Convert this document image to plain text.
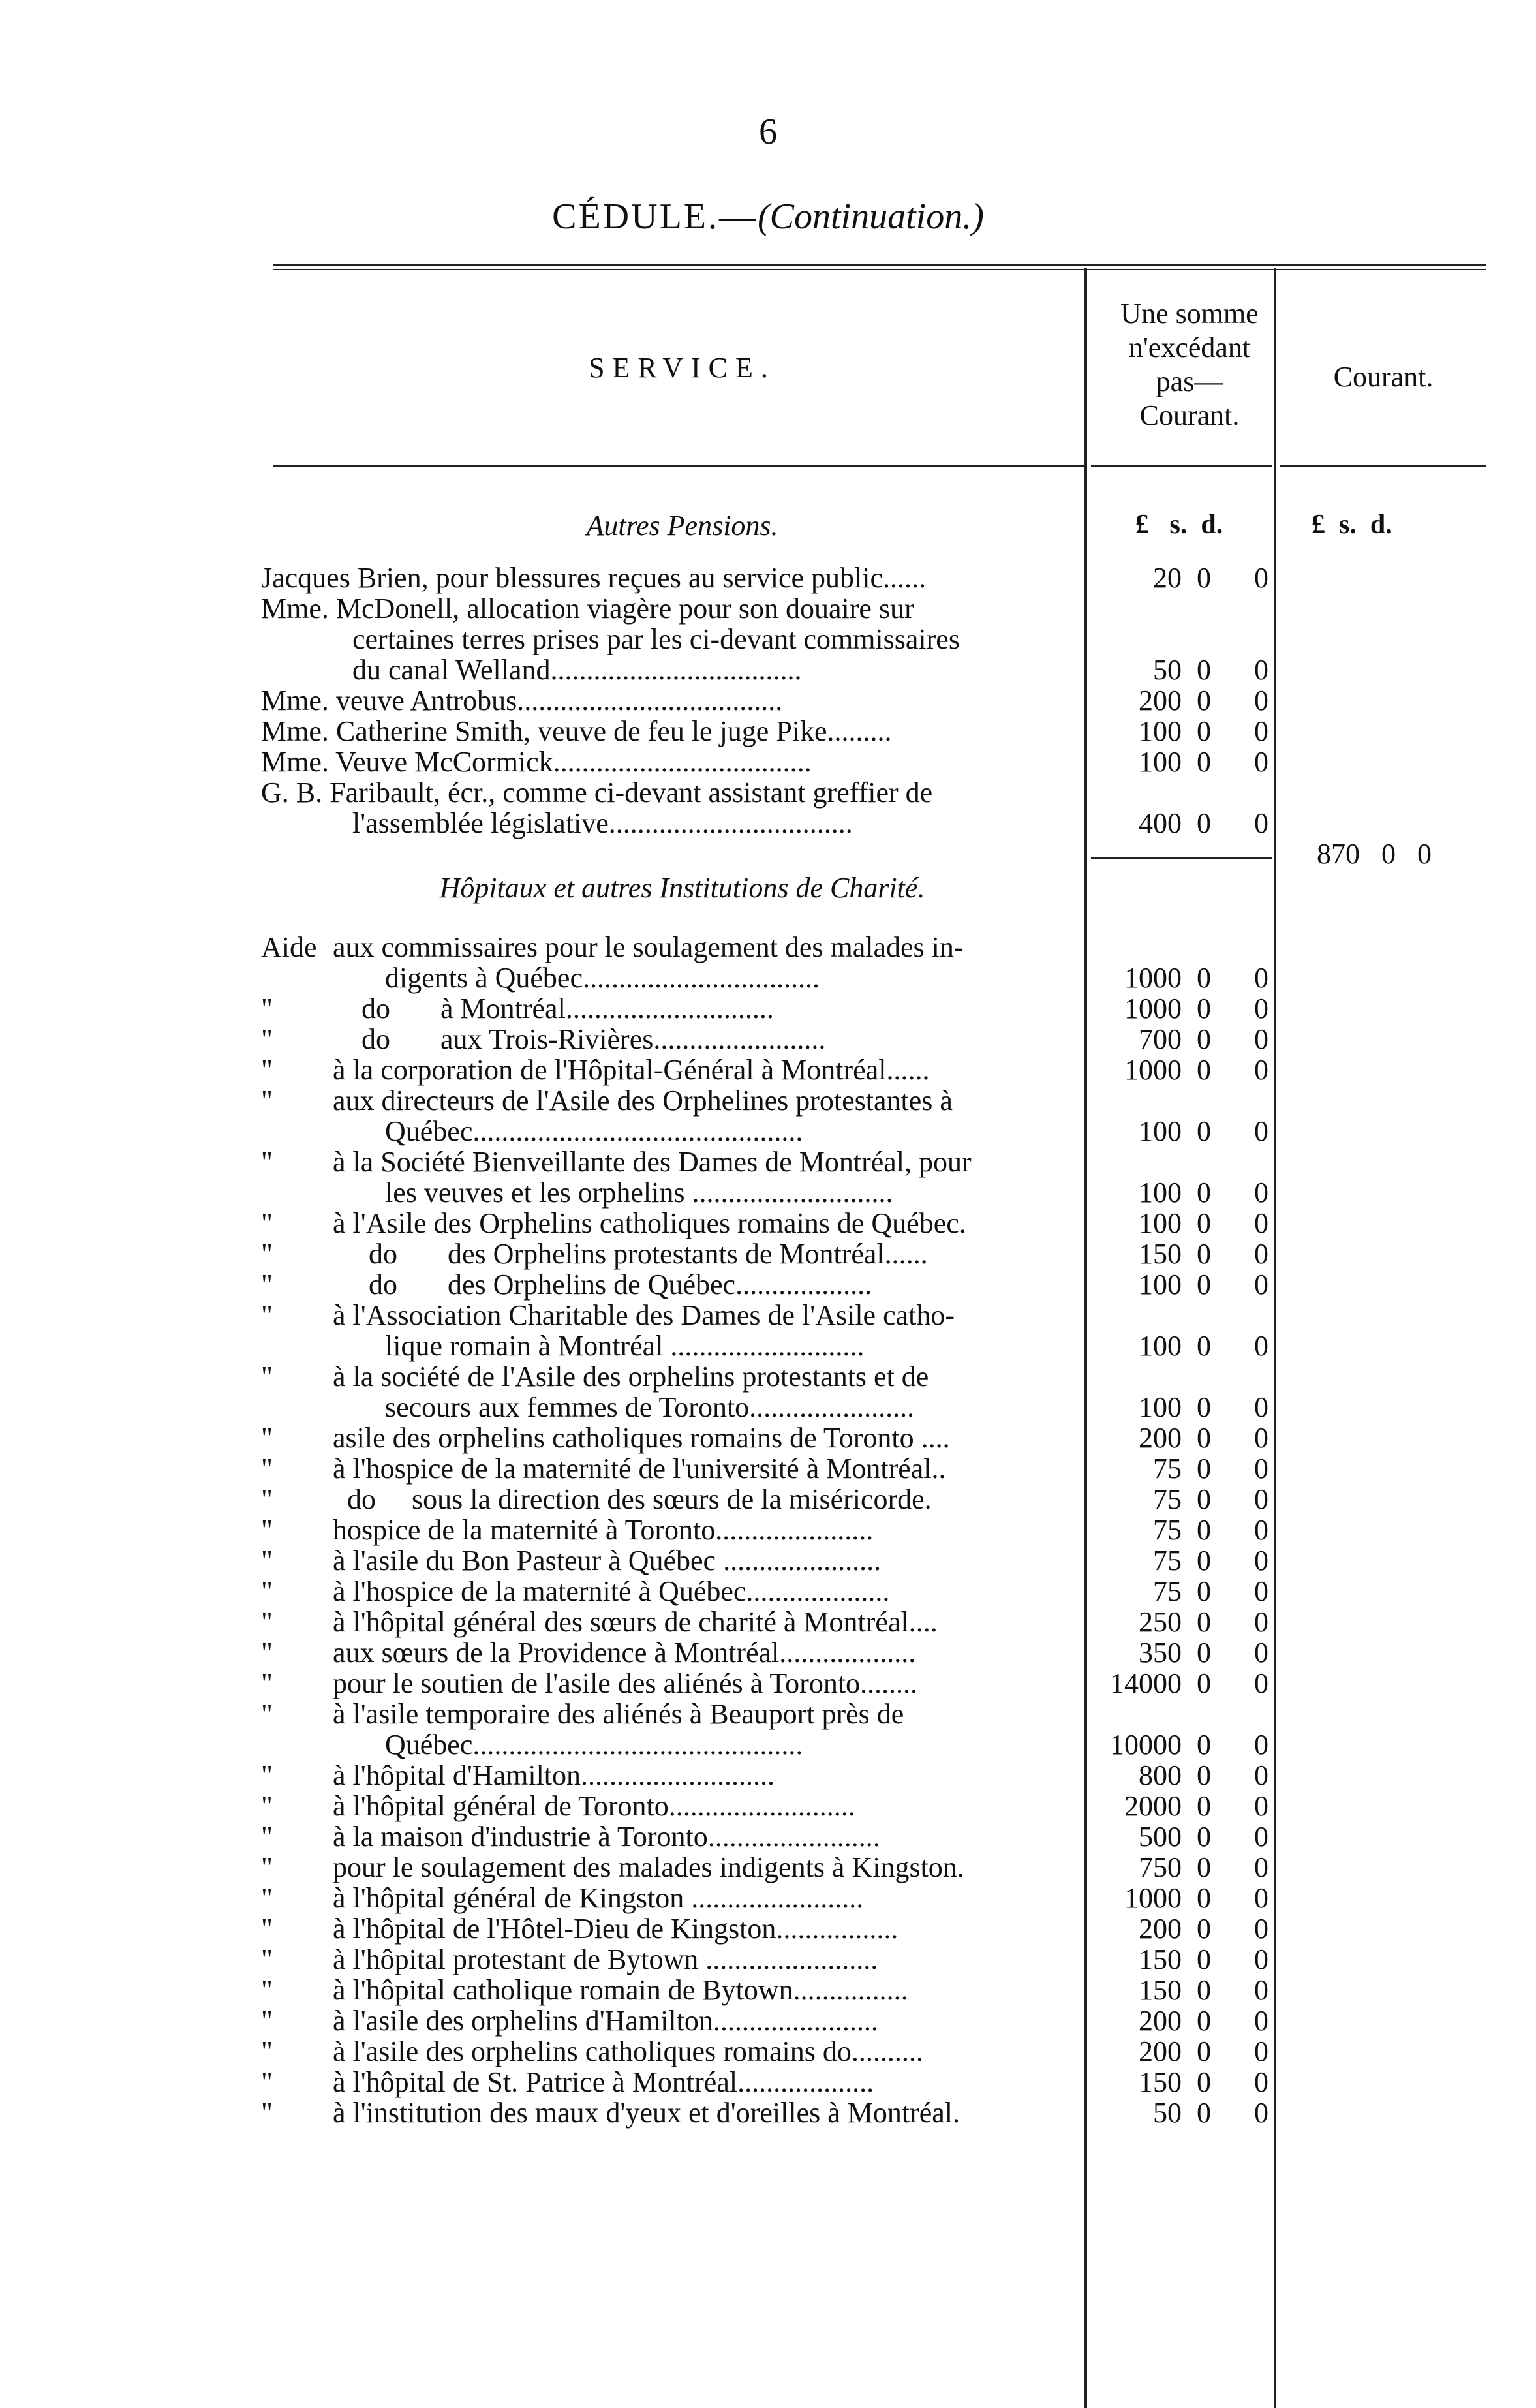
6
CÉDULE.—(Continuation.)
SERVICE.
Une somme
n'excédant
pas—
Courant.
Courant.
Autres Pensions.	£   s.  d.	£  s.  d.
Jacques Brien, pour blessures reçues au service public......	20 0 0
Mme. McDonell, allocation viagère pour son douaire sur
certaines terres prises par les ci-devant commissaires
du canal Welland...................................	50 0 0
Mme. veuve Antrobus.....................................	200 0 0
Mme. Catherine Smith, veuve de feu le juge Pike.........	100 0 0
Mme. Veuve McCormick....................................	100 0 0
G. B. Faribault, écr., comme ci-devant assistant greffier de
l'assemblée législative..................................	400 0 0
870   0   0
Hôpitaux et autres Institutions de Charité.
Aide aux commissaires pour le soulagement des malades in-
digents à Québec.................................	1000 0 0
"    do       à Montréal.............................	1000 0 0
"    do       aux Trois-Rivières........................	700 0 0
" à la corporation de l'Hôpital-Général à Montréal......	1000 0 0
" aux directeurs de l'Asile des Orphelines protestantes à
Québec..............................................	100 0 0
" à la Société Bienveillante des Dames de Montréal, pour
les veuves et les orphelins ............................	100 0 0
" à l'Asile des Orphelins catholiques romains de Québec.	100 0 0
"     do       des Orphelins protestants de Montréal......	150 0 0
"     do       des Orphelins de Québec...................	100 0 0
" à l'Association Charitable des Dames de l'Asile catho-
lique romain à Montréal ...........................	100 0 0
" à la société de l'Asile des orphelins protestants et de
secours aux femmes de Toronto.......................	100 0 0
" asile des orphelins catholiques romains de Toronto ....	200 0 0
" à l'hospice de la maternité de l'université à Montréal..	75 0 0
"  do     sous la direction des sœurs de la miséricorde.	75 0 0
" hospice de la maternité à Toronto......................	75 0 0
" à l'asile du Bon Pasteur à Québec ......................	75 0 0
" à l'hospice de la maternité à Québec....................	75 0 0
" à l'hôpital général des sœurs de charité à Montréal....	250 0 0
" aux sœurs de la Providence à Montréal...................	350 0 0
" pour le soutien de l'asile des aliénés à Toronto........	14000 0 0
" à l'asile temporaire des aliénés à Beauport près de
Québec..............................................	10000 0 0
" à l'hôpital d'Hamilton...........................	800 0 0
" à l'hôpital général de Toronto..........................	2000 0 0
" à la maison d'industrie à Toronto........................	500 0 0
" pour le soulagement des malades indigents à Kingston.	750 0 0
" à l'hôpital général de Kingston ........................	1000 0 0
" à l'hôpital de l'Hôtel-Dieu de Kingston.................	200 0 0
" à l'hôpital protestant de Bytown ........................	150 0 0
" à l'hôpital catholique romain de Bytown................	150 0 0
" à l'asile des orphelins d'Hamilton.......................	200 0 0
" à l'asile des orphelins catholiques romains do..........	200 0 0
" à l'hôpital de St. Patrice à Montréal...................	150 0 0
" à l'institution des maux d'yeux et d'oreilles à Montréal.	50 0 0
